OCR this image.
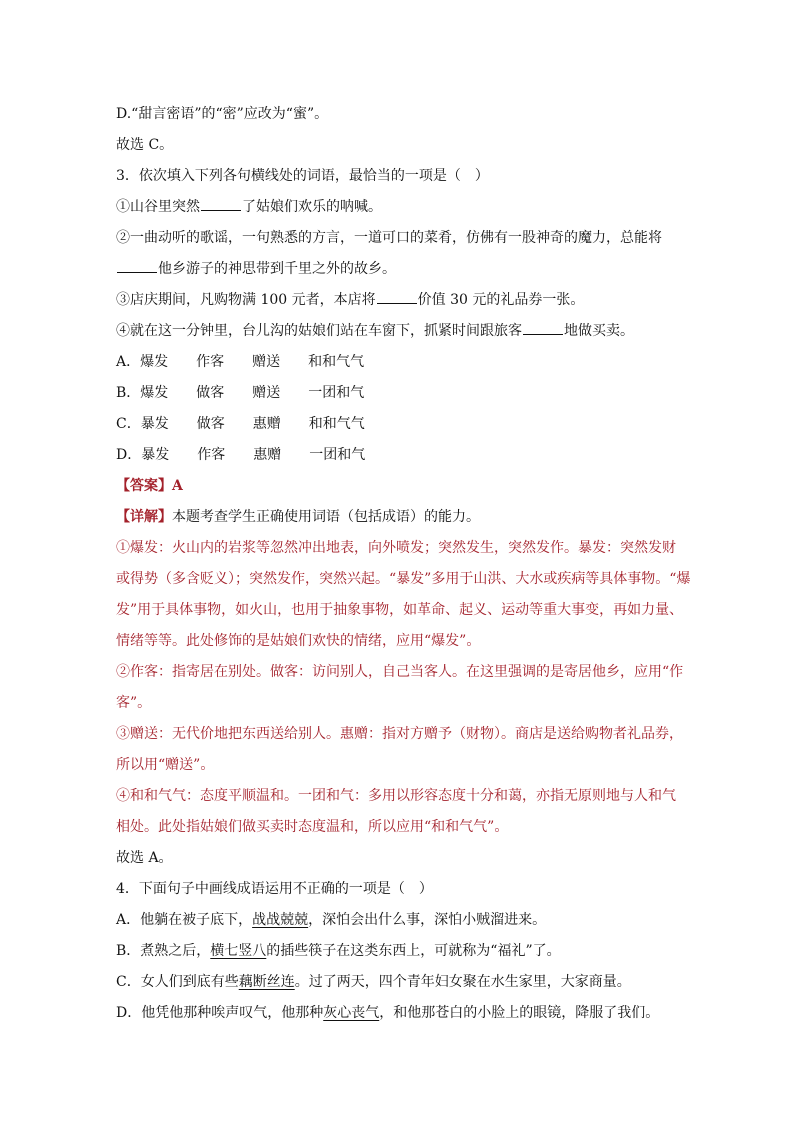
D.“甜言密语”的“密”应改为“蜜”。
故选 C。
3．依次填入下列各句横线处的词语，最恰当的一项是（　）
①山谷里突然	了姑娘们欢乐的呐喊。
②一曲动听的歌谣，一句熟悉的方言，一道可口的菜肴，仿佛有一股神奇的魔力，总能将
他乡游子的神思带到千里之外的故乡。
③店庆期间，凡购物满 100 元者，本店将	价值 30 元的礼品券一张。
④就在这一分钟里，台儿沟的姑娘们站在车窗下，抓紧时间跟旅客	地做买卖。
A．爆发 作客 赠送 和和气气
B．爆发 做客 赠送 一团和气
C．暴发 做客 惠赠 和和气气
D．暴发 作客 惠赠 一团和气
【答案】A
【详解】本题考查学生正确使用词语（包括成语）的能力。
①爆发：火山内的岩浆等忽然冲出地表，向外喷发；突然发生，突然发作。暴发：突然发财
或得势（多含贬义）；突然发作，突然兴起。“暴发”多用于山洪、大水或疾病等具体事物。“爆
发”用于具体事物，如火山，也用于抽象事物，如革命、起义、运动等重大事变，再如力量、
情绪等等。此处修饰的是姑娘们欢快的情绪，应用“爆发”。
②作客：指寄居在别处。做客：访问别人，自己当客人。在这里强调的是寄居他乡，应用“作
客”。
③赠送：无代价地把东西送给别人。惠赠：指对方赠予（财物）。商店是送给购物者礼品券，
所以用“赠送”。
④和和气气：态度平顺温和。一团和气：多用以形容态度十分和蔼，亦指无原则地与人和气
相处。此处指姑娘们做买卖时态度温和，所以应用“和和气气”。
故选 A。
4．下面句子中画线成语运用不正确的一项是（　）
A．他躺在被子底下，战战兢兢，深怕会出什么事，深怕小贼溜进来。
B．煮熟之后，横七竖八的插些筷子在这类东西上，可就称为“福礼”了。
C．女人们到底有些藕断丝连。过了两天，四个青年妇女聚在水生家里，大家商量。
D．他凭他那种唉声叹气，他那种灰心丧气，和他那苍白的小脸上的眼镜，降服了我们。
